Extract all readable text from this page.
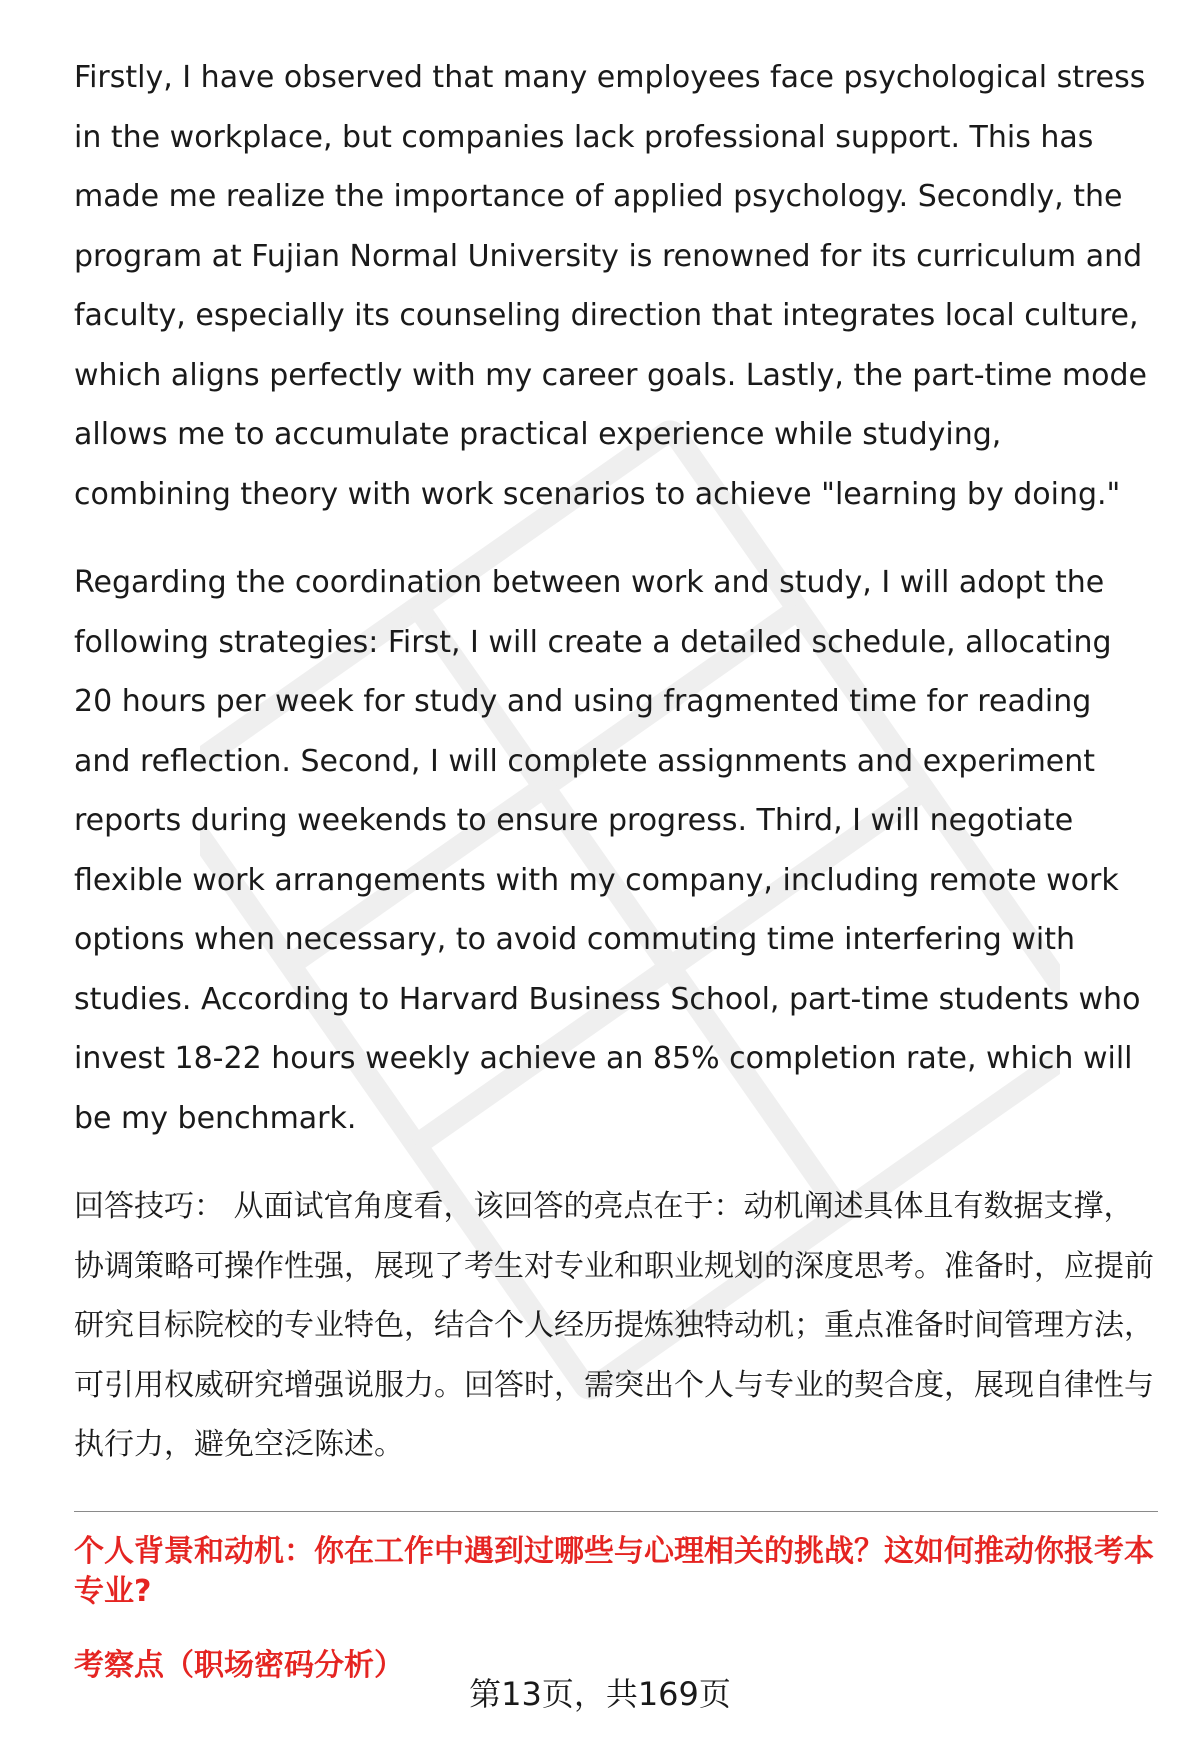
Firstly, I have observed that many employees face psychological stress in the workplace, but companies lack professional support. This has made me realize the importance of applied psychology. Secondly, the program at Fujian Normal University is renowned for its curriculum and faculty, especially its counseling direction that integrates local culture, which aligns perfectly with my career goals. Lastly, the part-time mode allows me to accumulate practical experience while studying, combining theory with work scenarios to achieve "learning by doing."

Regarding the coordination between work and study, I will adopt the following strategies: First, I will create a detailed schedule, allocating 20 hours per week for study and using fragmented time for reading and reflection. Second, I will complete assignments and experiment reports during weekends to ensure progress. Third, I will negotiate flexible work arrangements with my company, including remote work options when necessary, to avoid commuting time interfering with studies. According to Harvard Business School, part-time students who invest 18-22 hours weekly achieve an 85% completion rate, which will be my benchmark.

回答技巧： 从面试官角度看，该回答的亮点在于：动机阐述具体且有数据支撑，协调策略可操作性强，展现了考生对专业和职业规划的深度思考。准备时，应提前研究目标院校的专业特色，结合个人经历提炼独特动机；重点准备时间管理方法，可引用权威研究增强说服力。回答时，需突出个人与专业的契合度，展现自律性与执行力，避免空泛陈述。

个人背景和动机：你在工作中遇到过哪些与心理相关的挑战？这如何推动你报考本专业?
考察点（职场密码分析）
第13页，共169页
